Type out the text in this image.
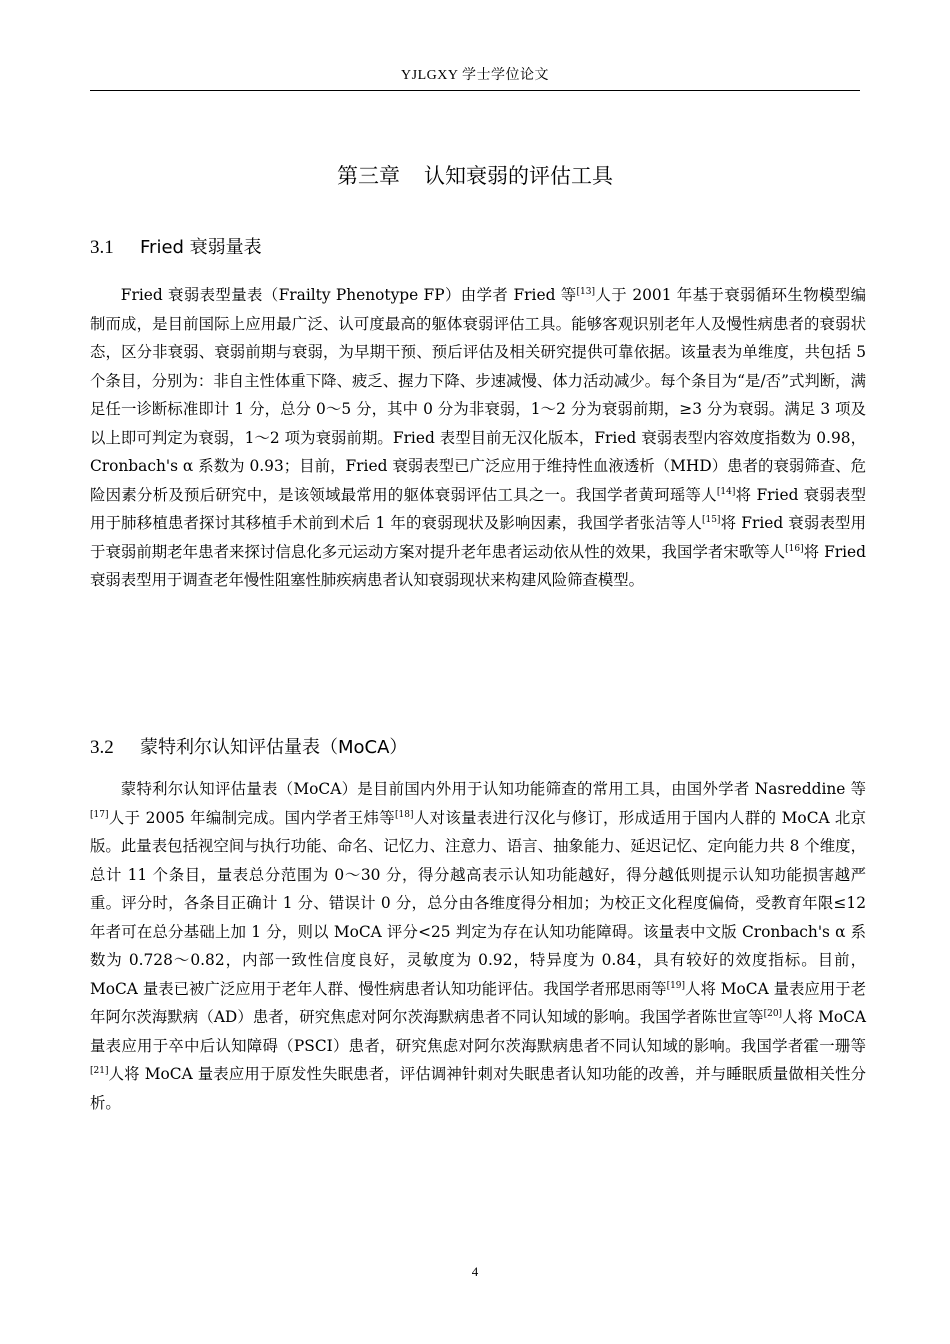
YJLGXY 学士学位论文
第三章 认知衰弱的评估工具
3.1 Fried 衰弱量表

Fried 衰弱表型量表（Frailty Phenotype FP）由学者 Fried 等[13]人于 2001 年基于衰弱循环生物模型编制而成，是目前国际上应用最广泛、认可度最高的躯体衰弱评估工具。能够客观识别老年人及慢性病患者的衰弱状态，区分非衰弱、衰弱前期与衰弱，为早期干预、预后评估及相关研究提供可靠依据。该量表为单维度，共包括 5 个条目，分别为：非自主性体重下降、疲乏、握力下降、步速减慢、体力活动减少。每个条目为“是/否”式判断，满足任一诊断标准即计 1 分，总分 0～5 分，其中 0 分为非衰弱，1～2 分为衰弱前期，≥3 分为衰弱。满足 3 项及以上即可判定为衰弱，1～2 项为衰弱前期。Fried 表型目前无汉化版本，Fried 衰弱表型内容效度指数为 0.98，Cronbach's α 系数为 0.93；目前，Fried 衰弱表型已广泛应用于维持性血液透析（MHD）患者的衰弱筛查、危险因素分析及预后研究中，是该领域最常用的躯体衰弱评估工具之一。我国学者黄珂瑶等人[14]将 Fried 衰弱表型用于肺移植患者探讨其移植手术前到术后 1 年的衰弱现状及影响因素，我国学者张洁等人[15]将 Fried 衰弱表型用于衰弱前期老年患者来探讨信息化多元运动方案对提升老年患者运动依从性的效果，我国学者宋歌等人[16]将 Fried 衰弱表型用于调查老年慢性阻塞性肺疾病患者认知衰弱现状来构建风险筛查模型。

3.2 蒙特利尔认知评估量表（MoCA）

蒙特利尔认知评估量表（MoCA）是目前国内外用于认知功能筛查的常用工具，由国外学者 Nasreddine 等[17]人于 2005 年编制完成。国内学者王炜等[18]人对该量表进行汉化与修订，形成适用于国内人群的 MoCA 北京版。此量表包括视空间与执行功能、命名、记忆力、注意力、语言、抽象能力、延迟记忆、定向能力共 8 个维度，总计 11 个条目，量表总分范围为 0～30 分，得分越高表示认知功能越好，得分越低则提示认知功能损害越严重。评分时，各条目正确计 1 分、错误计 0 分，总分由各维度得分相加；为校正文化程度偏倚，受教育年限≤12 年者可在总分基础上加 1 分，则以 MoCA 评分<25 判定为存在认知功能障碍。该量表中文版 Cronbach's α 系数为 0.728～0.82，内部一致性信度良好，灵敏度为 0.92，特异度为 0.84，具有较好的效度指标。目前，MoCA 量表已被广泛应用于老年人群、慢性病患者认知功能评估。我国学者邢思雨等[19]人将 MoCA 量表应用于老年阿尔茨海默病（AD）患者，研究焦虑对阿尔茨海默病患者不同认知域的影响。我国学者陈世宣等[20]人将 MoCA 量表应用于卒中后认知障碍（PSCI）患者，研究焦虑对阿尔茨海默病患者不同认知域的影响。我国学者霍一珊等[21]人将 MoCA 量表应用于原发性失眠患者，评估调神针刺对失眠患者认知功能的改善，并与睡眠质量做相关性分析。

4
